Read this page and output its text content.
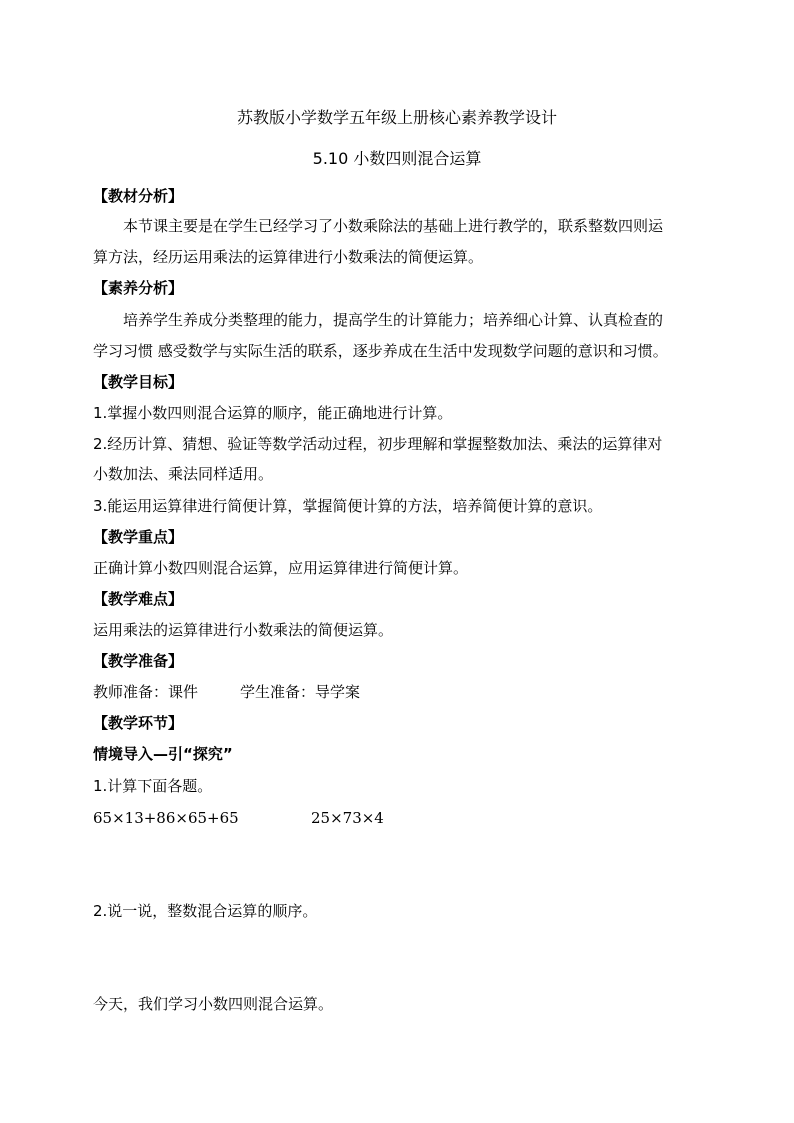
苏教版小学数学五年级上册核心素养教学设计
5.10 小数四则混合运算
【教材分析】
本节课主要是在学生已经学习了小数乘除法的基础上进行教学的，联系整数四则运
算方法，经历运用乘法的运算律进行小数乘法的简便运算。
【素养分析】
培养学生养成分类整理的能力，提高学生的计算能力；培养细心计算、认真检查的
学习习惯 感受数学与实际生活的联系，逐步养成在生活中发现数学问题的意识和习惯。
【教学目标】
1.掌握小数四则混合运算的顺序，能正确地进行计算。
2.经历计算、猜想、验证等数学活动过程，初步理解和掌握整数加法、乘法的运算律对
小数加法、乘法同样适用。
3.能运用运算律进行简便计算，掌握简便计算的方法，培养简便计算的意识。
【教学重点】
正确计算小数四则混合运算，应用运算律进行简便计算。
【教学难点】
运用乘法的运算律进行小数乘法的简便运算。
【教学准备】
教师准备：课件	学生准备：导学案
【教学环节】
情境导入—引“探究”
1.计算下面各题。
65×13+86×65+65	25×73×4
2.说一说，整数混合运算的顺序。
今天，我们学习小数四则混合运算。
